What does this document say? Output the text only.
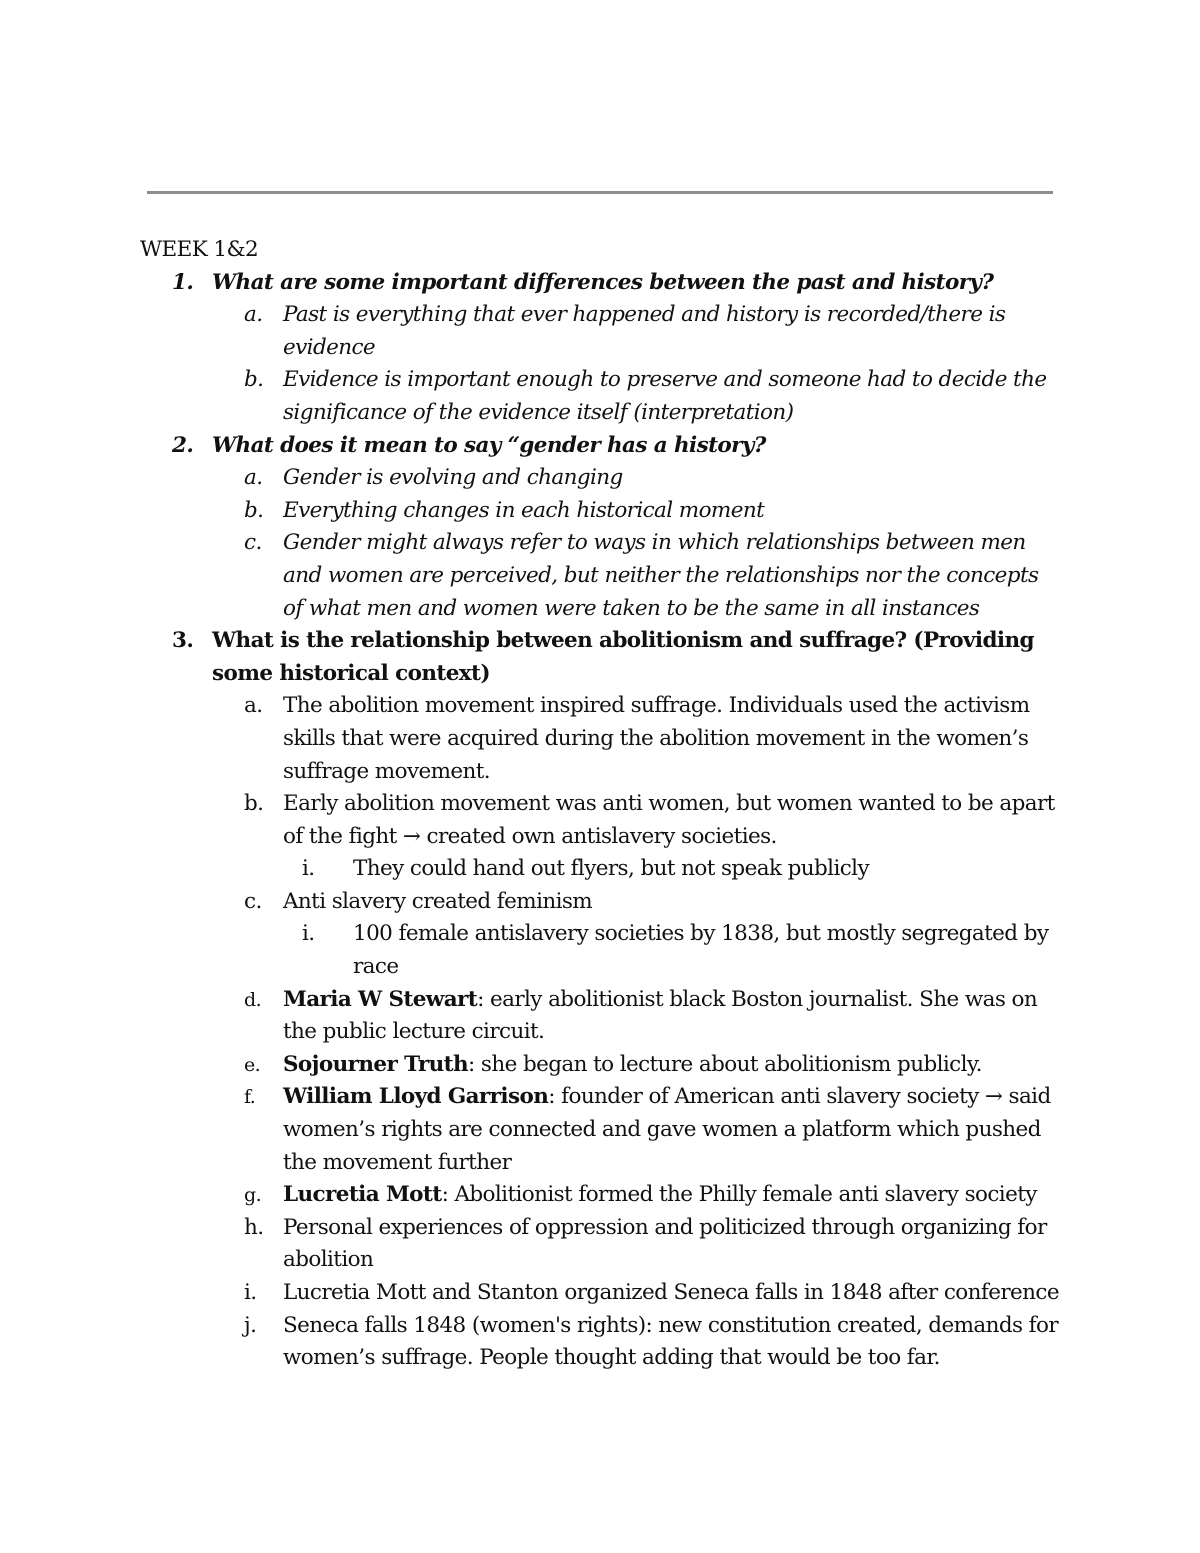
WEEK 1&2
1. What are some important differences between the past and history?
a. Past is everything that ever happened and history is recorded/there is evidence
b. Evidence is important enough to preserve and someone had to decide the significance of the evidence itself (interpretation)
2. What does it mean to say “gender has a history?
a. Gender is evolving and changing
b. Everything changes in each historical moment
c. Gender might always refer to ways in which relationships between men and women are perceived, but neither the relationships nor the concepts of what men and women were taken to be the same in all instances
3. What is the relationship between abolitionism and suffrage? (Providing some historical context)
a. The abolition movement inspired suffrage. Individuals used the activism skills that were acquired during the abolition movement in the women’s suffrage movement.
b. Early abolition movement was anti women, but women wanted to be apart of the fight → created own antislavery societies.
i. They could hand out flyers, but not speak publicly
c. Anti slavery created feminism
i. 100 female antislavery societies by 1838, but mostly segregated by race
d. Maria W Stewart: early abolitionist black Boston journalist. She was on the public lecture circuit.
e. Sojourner Truth: she began to lecture about abolitionism publicly.
f. William Lloyd Garrison: founder of American anti slavery society → said women’s rights are connected and gave women a platform which pushed the movement further
g. Lucretia Mott: Abolitionist formed the Philly female anti slavery society
h. Personal experiences of oppression and politicized through organizing for abolition
i. Lucretia Mott and Stanton organized Seneca falls in 1848 after conference
j. Seneca falls 1848 (women's rights): new constitution created, demands for women’s suffrage. People thought adding that would be too far.
